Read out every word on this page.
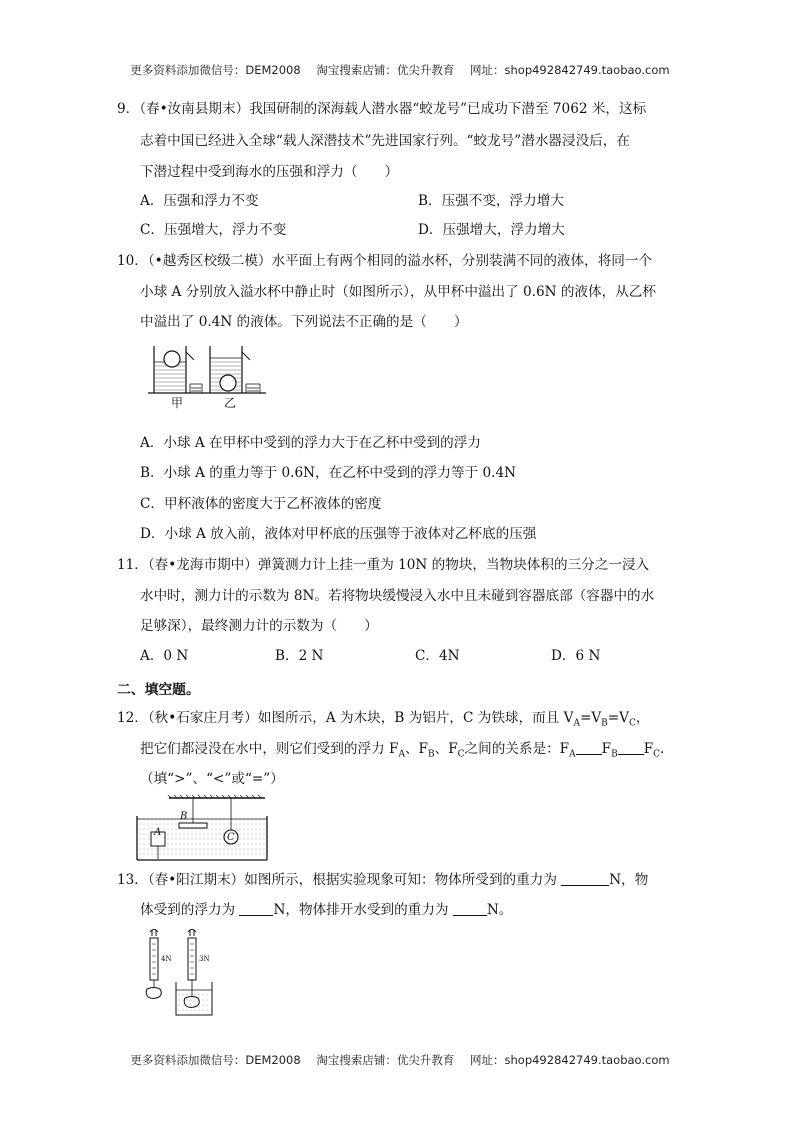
更多资料添加微信号：DEM2008 淘宝搜索店铺：优尖升教育 网址：shop492842749.taobao.com
9．（春•汝南县期末）我国研制的深海载人潜水器“蛟龙号”已成功下潜至 7062 米，这标
志着中国已经进入全球“载人深潜技术”先进国家行列。“蛟龙号”潜水器浸没后，在
下潜过程中受到海水的压强和浮力（　　）
A．压强和浮力不变	B．压强不变，浮力增大
C．压强增大，浮力不变	D．压强增大，浮力增大
10．（•越秀区校级二模）水平面上有两个相同的溢水杯，分别装满不同的液体，将同一个
小球 A 分别放入溢水杯中静止时（如图所示），从甲杯中溢出了 0.6N 的液体，从乙杯
中溢出了 0.4N 的液体。下列说法不正确的是（　　）
甲	乙
A．小球 A 在甲杯中受到的浮力大于在乙杯中受到的浮力
B．小球 A 的重力等于 0.6N，在乙杯中受到的浮力等于 0.4N
C．甲杯液体的密度大于乙杯液体的密度
D．小球 A 放入前，液体对甲杯底的压强等于液体对乙杯底的压强
11．（春•龙海市期中）弹簧测力计上挂一重为 10N 的物块，当物块体积的三分之一浸入
水中时，测力计的示数为 8N。若将物块缓慢浸入水中且未碰到容器底部（容器中的水
足够深），最终测力计的示数为（　　）
A．0 N	B．2 N	C．4N	D．6 N
二、填空题。
12．（秋•石家庄月考）如图所示，A 为木块，B 为铝片，C 为铁球，而且 $V_A=V_B=V_C$，
把它们都浸没在水中，则它们受到的浮力 $F_A$、$F_B$、$F_C$之间的关系是：$F_A$ $F_B$ $F_C$.
（填“>”、“<”或“=”）
A
B
C
13．（春•阳江期末）如图所示，根据实验现象可知：物体所受到的重力为	N，物
体受到的浮力为	N，物体排开水受到的重力为	N。
4N	3N
更多资料添加微信号：DEM2008 淘宝搜索店铺：优尖升教育 网址：shop492842749.taobao.com
